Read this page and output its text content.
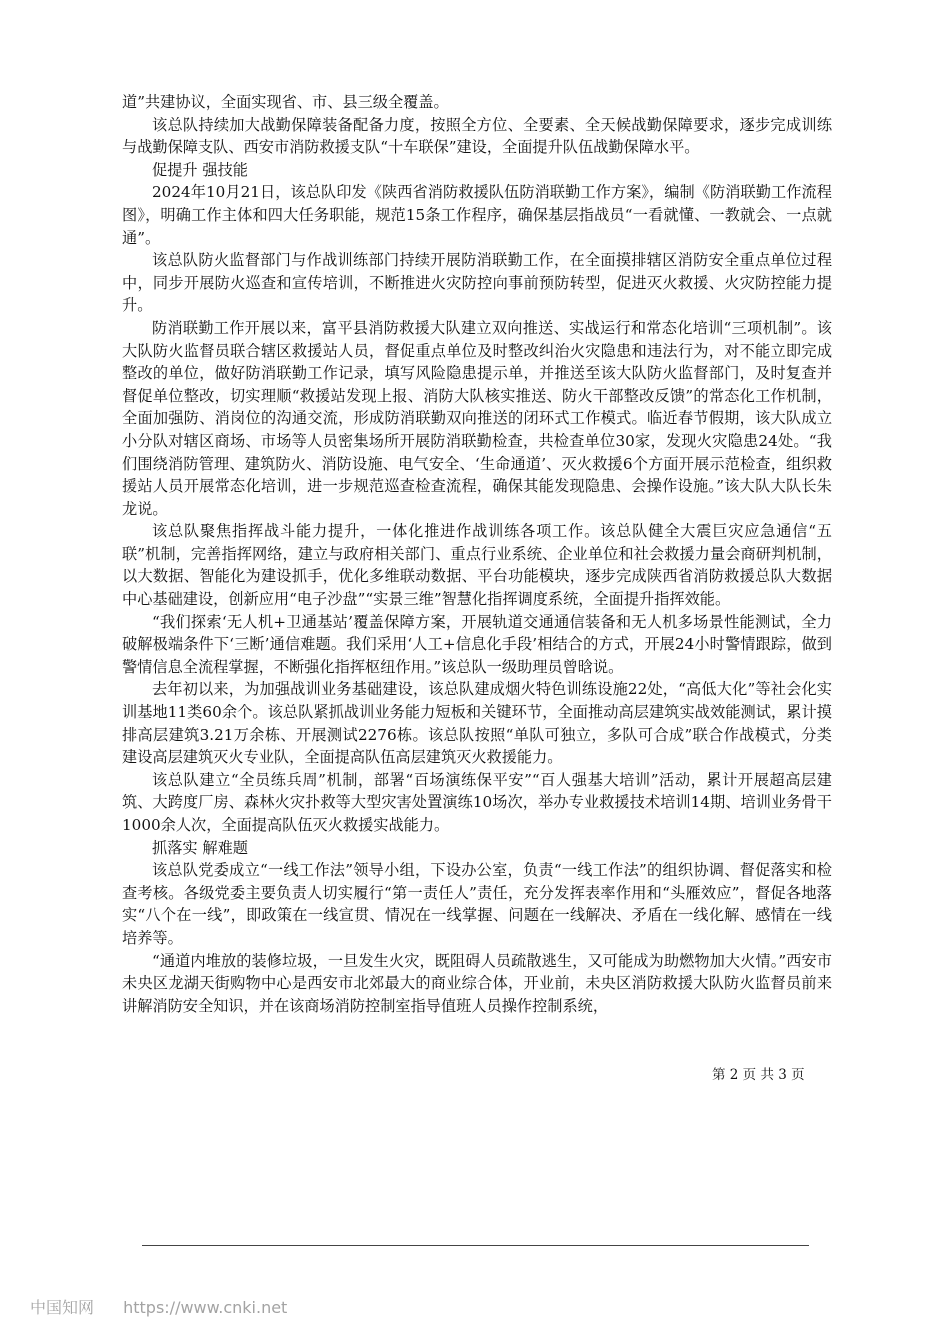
道”共建协议，全面实现省、市、县三级全覆盖。

该总队持续加大战勤保障装备配备力度，按照全方位、全要素、全天候战勤保障要求，逐步完成训练与战勤保障支队、西安市消防救援支队“十车联保”建设，全面提升队伍战勤保障水平。

促提升 强技能

2024年10月21日，该总队印发《陕西省消防救援队伍防消联勤工作方案》，编制《防消联勤工作流程图》，明确工作主体和四大任务职能，规范15条工作程序，确保基层指战员“一看就懂、一教就会、一点就通”。

该总队防火监督部门与作战训练部门持续开展防消联勤工作，在全面摸排辖区消防安全重点单位过程中，同步开展防火巡查和宣传培训，不断推进火灾防控向事前预防转型，促进灭火救援、火灾防控能力提升。

防消联勤工作开展以来，富平县消防救援大队建立双向推送、实战运行和常态化培训“三项机制”。该大队防火监督员联合辖区救援站人员，督促重点单位及时整改纠治火灾隐患和违法行为，对不能立即完成整改的单位，做好防消联勤工作记录，填写风险隐患提示单，并推送至该大队防火监督部门，及时复查并督促单位整改，切实理顺“救援站发现上报、消防大队核实推送、防火干部整改反馈”的常态化工作机制，全面加强防、消岗位的沟通交流，形成防消联勤双向推送的闭环式工作模式。临近春节假期，该大队成立小分队对辖区商场、市场等人员密集场所开展防消联勤检查，共检查单位30家，发现火灾隐患24处。“我们围绕消防管理、建筑防火、消防设施、电气安全、‘生命通道’、灭火救援6个方面开展示范检查，组织救援站人员开展常态化培训，进一步规范巡查检查流程，确保其能发现隐患、会操作设施。”该大队大队长朱龙说。

该总队聚焦指挥战斗能力提升，一体化推进作战训练各项工作。该总队健全大震巨灾应急通信“五联”机制，完善指挥网络，建立与政府相关部门、重点行业系统、企业单位和社会救援力量会商研判机制，以大数据、智能化为建设抓手，优化多维联动数据、平台功能模块，逐步完成陕西省消防救援总队大数据中心基础建设，创新应用“电子沙盘”“实景三维”智慧化指挥调度系统，全面提升指挥效能。

“我们探索‘无人机+卫通基站’覆盖保障方案，开展轨道交通通信装备和无人机多场景性能测试，全力破解极端条件下‘三断’通信难题。我们采用‘人工+信息化手段’相结合的方式，开展24小时警情跟踪，做到警情信息全流程掌握，不断强化指挥枢纽作用。”该总队一级助理员曾晗说。

去年初以来，为加强战训业务基础建设，该总队建成烟火特色训练设施22处，“高低大化”等社会化实训基地11类60余个。该总队紧抓战训业务能力短板和关键环节，全面推动高层建筑实战效能测试，累计摸排高层建筑3.21万余栋、开展测试2276栋。该总队按照“单队可独立，多队可合成”联合作战模式，分类建设高层建筑灭火专业队，全面提高队伍高层建筑灭火救援能力。

该总队建立“全员练兵周”机制，部署“百场演练保平安”“百人强基大培训”活动，累计开展超高层建筑、大跨度厂房、森林火灾扑救等大型灾害处置演练10场次，举办专业救援技术培训14期、培训业务骨干1000余人次，全面提高队伍灭火救援实战能力。

抓落实 解难题

该总队党委成立“一线工作法”领导小组，下设办公室，负责“一线工作法”的组织协调、督促落实和检查考核。各级党委主要负责人切实履行“第一责任人”责任，充分发挥表率作用和“头雁效应”，督促各地落实“八个在一线”，即政策在一线宣贯、情况在一线掌握、问题在一线解决、矛盾在一线化解、感情在一线培养等。

“通道内堆放的装修垃圾，一旦发生火灾，既阻碍人员疏散逃生，又可能成为助燃物加大火情。”西安市未央区龙湖天街购物中心是西安市北郊最大的商业综合体，开业前，未央区消防救援大队防火监督员前来讲解消防安全知识，并在该商场消防控制室指导值班人员操作控制系统，

第 2 页 共 3 页
中国知网 https://www.cnki.net
